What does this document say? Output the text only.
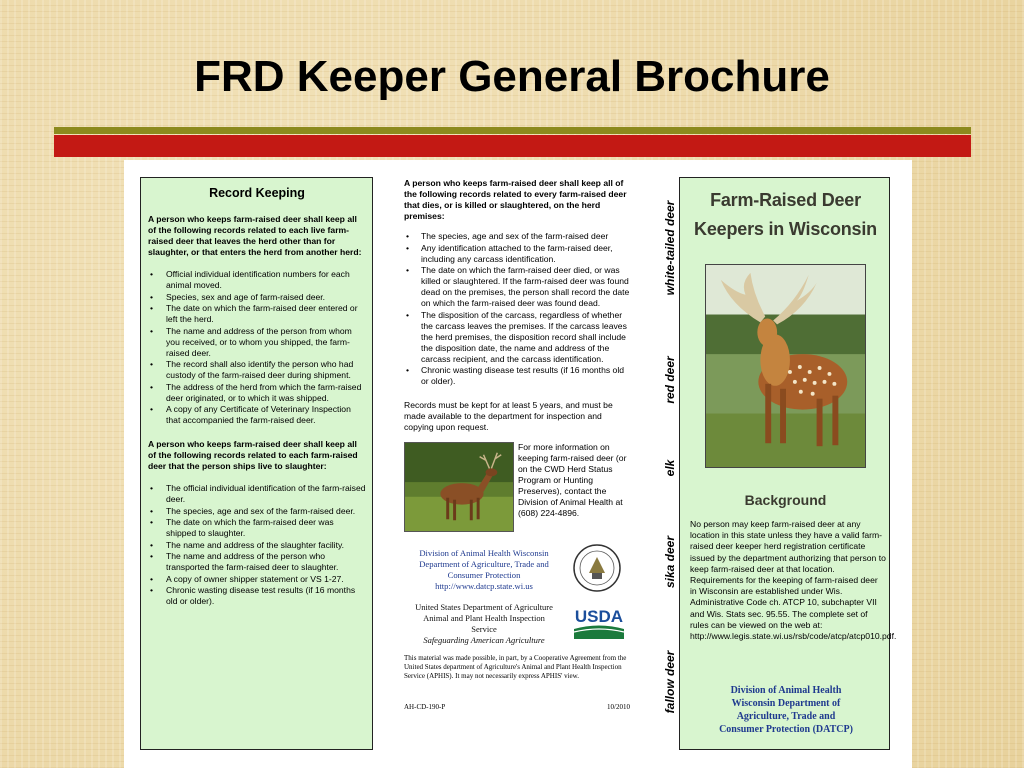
FRD Keeper General Brochure
Record Keeping

A person who keeps farm-raised deer shall keep all of the following records related to each live farm-raised deer that leaves the herd other than for slaughter, or that enters the herd from another herd:

• Official individual identification numbers for each animal moved.
• Species, sex and age of farm-raised deer.
• The date on which the farm-raised deer entered or left the herd.
• The name and address of the person from whom you received, or to whom you shipped, the farm-raised deer.
• The record shall also identify the person who had custody of the farm-raised deer during shipment.
• The address of the herd from which the farm-raised deer originated, or to which it was shipped.
• A copy of any Certificate of Veterinary Inspection that accompanied the farm-raised deer.

A person who keeps farm-raised deer shall keep all of the following records related to each farm-raised deer that the person ships live to slaughter:

• The official individual identification of the farm-raised deer.
• The species, age and sex of the farm-raised deer.
• The date on which the farm-raised deer was shipped to slaughter.
• The name and address of the slaughter facility.
• The name and address of the person who transported the farm-raised deer to slaughter.
• A copy of owner shipper statement or VS 1-27.
• Chronic wasting disease test results (if 16 months old or older).

A person who keeps farm-raised deer shall keep all of the following records related to every farm-raised deer that dies, or is killed or slaughtered, on the herd premises:

• The species, age and sex of the farm-raised deer
• Any identification attached to the farm-raised deer, including any carcass identification.
• The date on which the farm-raised deer died, or was killed or slaughtered. If the farm-raised deer was found dead on the premises, the person shall record the date on which the farm-raised deer was found dead.
• The disposition of the carcass, regardless of whether the carcass leaves the premises. If the carcass leaves the herd premises, the disposition record shall include the disposition date, the name and address of the carcass recipient, and the carcass identification.
• Chronic wasting disease test results (if 16 months old or older).

Records must be kept for at least 5 years, and must be made available to the department for inspection and copying upon request.

For more information on keeping farm-raised deer (or on the CWD Herd Status Program or Hunting Preserves), contact the Division of Animal Health at (608) 224-4896.
Division of Animal Health Wisconsin
Department of Agriculture, Trade and
Consumer Protection
http://www.datcp.state.wi.us
United States Department of Agriculture
Animal and Plant Health Inspection
Service
Safeguarding American Agriculture
USDA
This material was made possible, in part, by a Cooperative Agreement from the United States department of Agriculture's Animal and Plant Health Inspection Service (APHIS). It may not necessarily express APHIS' view.
AH-CD-190-P	10/2010
white-tailed deer
red deer
elk
sika deer
fallow deer
Farm-Raised Deer
Keepers in Wisconsin
Background
No person may keep farm-raised deer at any location in this state unless they have a valid farm-raised deer keeper herd registration certificate issued by the department authorizing that person to keep farm-raised deer at that location. Requirements for the keeping of farm-raised deer in Wisconsin are established under Wis. Administrative Code ch. ATCP 10, subchapter VII and Wis. Stats sec. 95.55. The complete set of rules can be viewed on the web at: http://www.legis.state.wi.us/rsb/code/atcp/atcp010.pdf.
Division of Animal Health
Wisconsin Department of
Agriculture, Trade and
Consumer Protection (DATCP)
